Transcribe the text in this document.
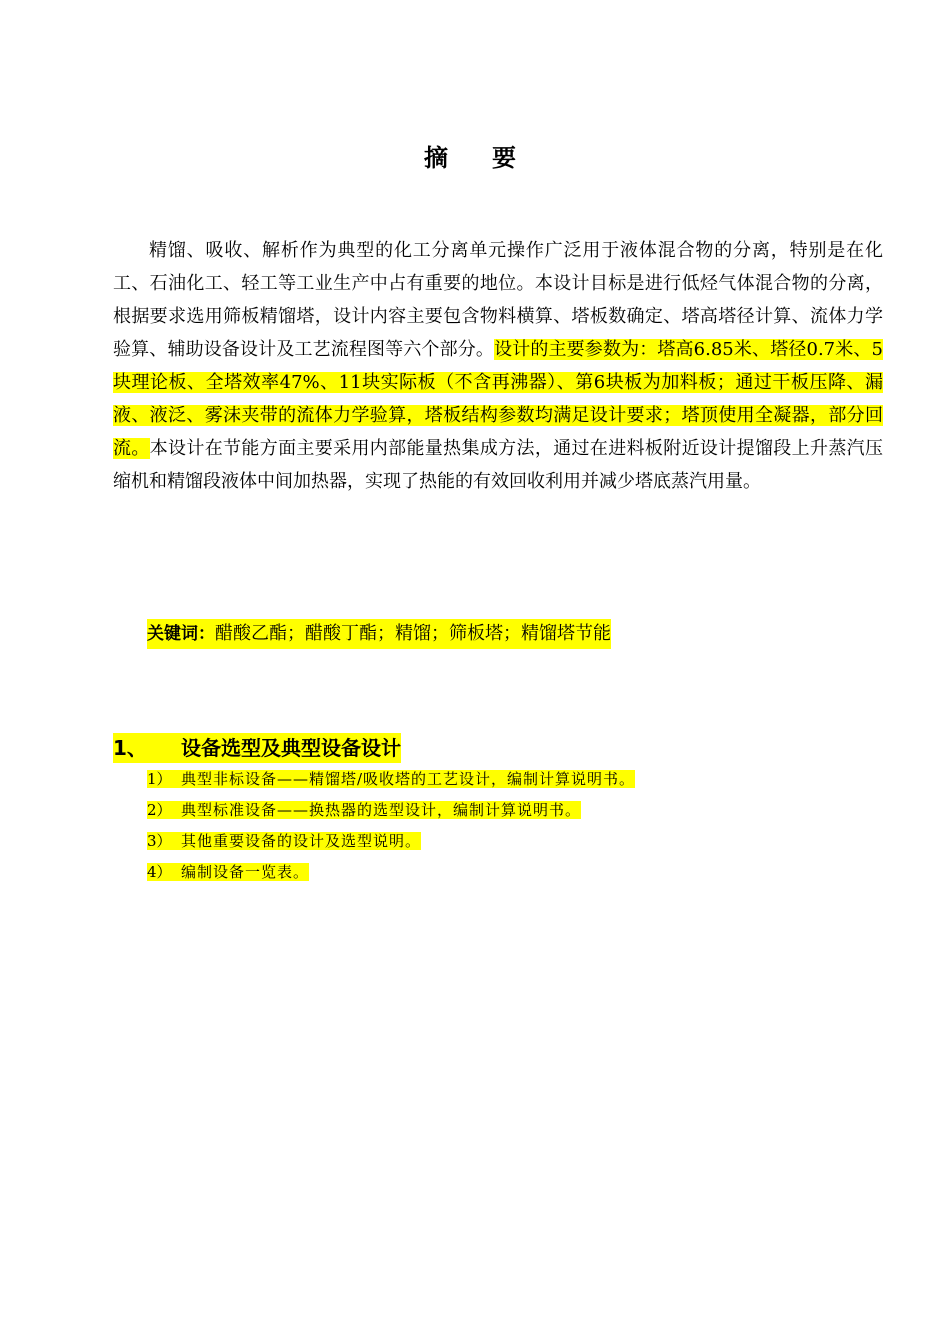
摘　要

精馏、吸收、解析作为典型的化工分离单元操作广泛用于液体混合物的分离，特别是在化工、石油化工、轻工等工业生产中占有重要的地位。本设计目标是进行低烃气体混合物的分离，根据要求选用筛板精馏塔，设计内容主要包含物料横算、塔板数确定、塔高塔径计算、流体力学验算、辅助设备设计及工艺流程图等六个部分。设计的主要参数为：塔高6.85米、塔径0.7米、5块理论板、全塔效率47%、11块实际板（不含再沸器）、第6块板为加料板；通过干板压降、漏液、液泛、雾沫夹带的流体力学验算，塔板结构参数均满足设计要求；塔顶使用全凝器，部分回流。本设计在节能方面主要采用内部能量热集成方法，通过在进料板附近设计提馏段上升蒸汽压缩机和精馏段液体中间加热器，实现了热能的有效回收利用并减少塔底蒸汽用量。

关键词：醋酸乙酯；醋酸丁酯；精馏；筛板塔；精馏塔节能
1、 设备选型及典型设备设计
1） 典型非标设备——精馏塔/吸收塔的工艺设计，编制计算说明书。
2） 典型标准设备——换热器的选型设计，编制计算说明书。
3） 其他重要设备的设计及选型说明。
4） 编制设备一览表。
